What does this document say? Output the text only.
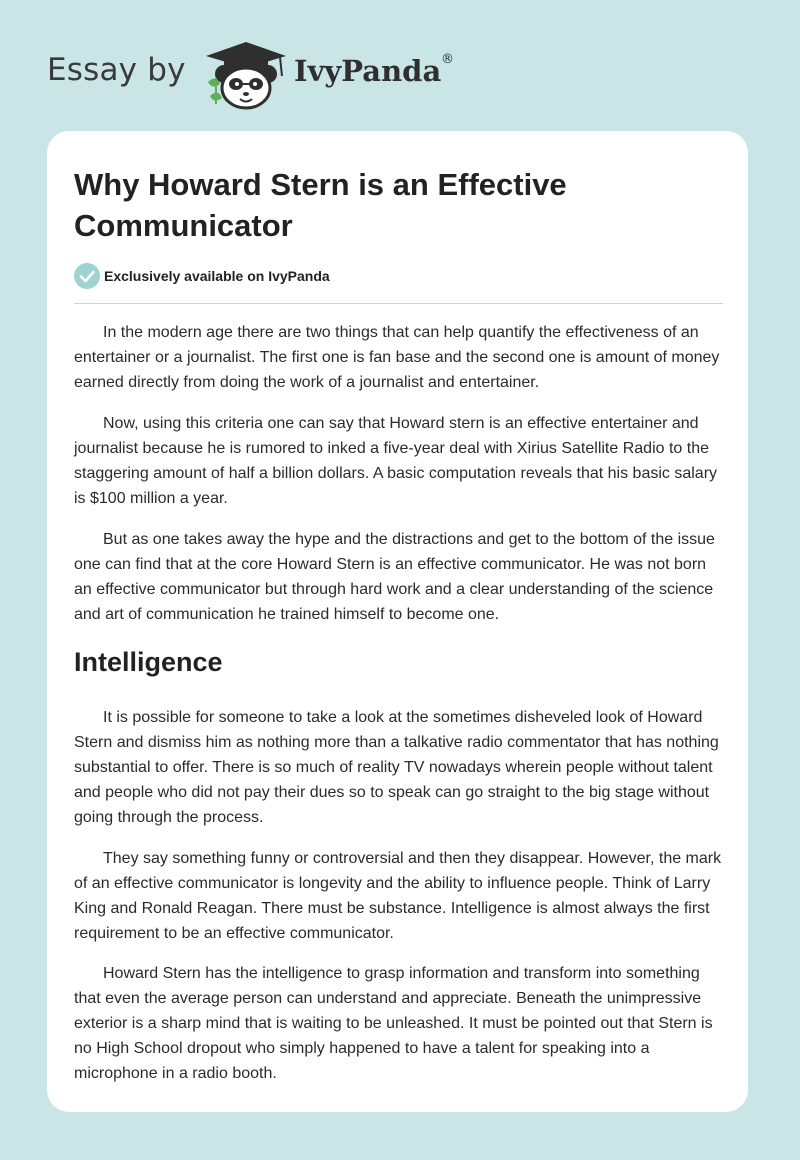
Essay by	IvyPanda ®
Why Howard Stern is an Effective Communicator
Exclusively available on IvyPanda

In the modern age there are two things that can help quantify the effectiveness of an entertainer or a journalist. The first one is fan base and the second one is amount of money earned directly from doing the work of a journalist and entertainer.

Now, using this criteria one can say that Howard stern is an effective entertainer and journalist because he is rumored to inked a five-year deal with Xirius Satellite Radio to the staggering amount of half a billion dollars. A basic computation reveals that his basic salary is $100 million a year.

But as one takes away the hype and the distractions and get to the bottom of the issue one can find that at the core Howard Stern is an effective communicator. He was not born an effective communicator but through hard work and a clear understanding of the science and art of communication he trained himself to become one.

Intelligence

It is possible for someone to take a look at the sometimes disheveled look of Howard Stern and dismiss him as nothing more than a talkative radio commentator that has nothing substantial to offer. There is so much of reality TV nowadays wherein people without talent and people who did not pay their dues so to speak can go straight to the big stage without going through the process.

They say something funny or controversial and then they disappear. However, the mark of an effective communicator is longevity and the ability to influence people. Think of Larry King and Ronald Reagan. There must be substance. Intelligence is almost always the first requirement to be an effective communicator.

Howard Stern has the intelligence to grasp information and transform into something that even the average person can understand and appreciate. Beneath the unimpressive exterior is a sharp mind that is waiting to be unleashed. It must be pointed out that Stern is no High School dropout who simply happened to have a talent for speaking into a microphone in a radio booth.
